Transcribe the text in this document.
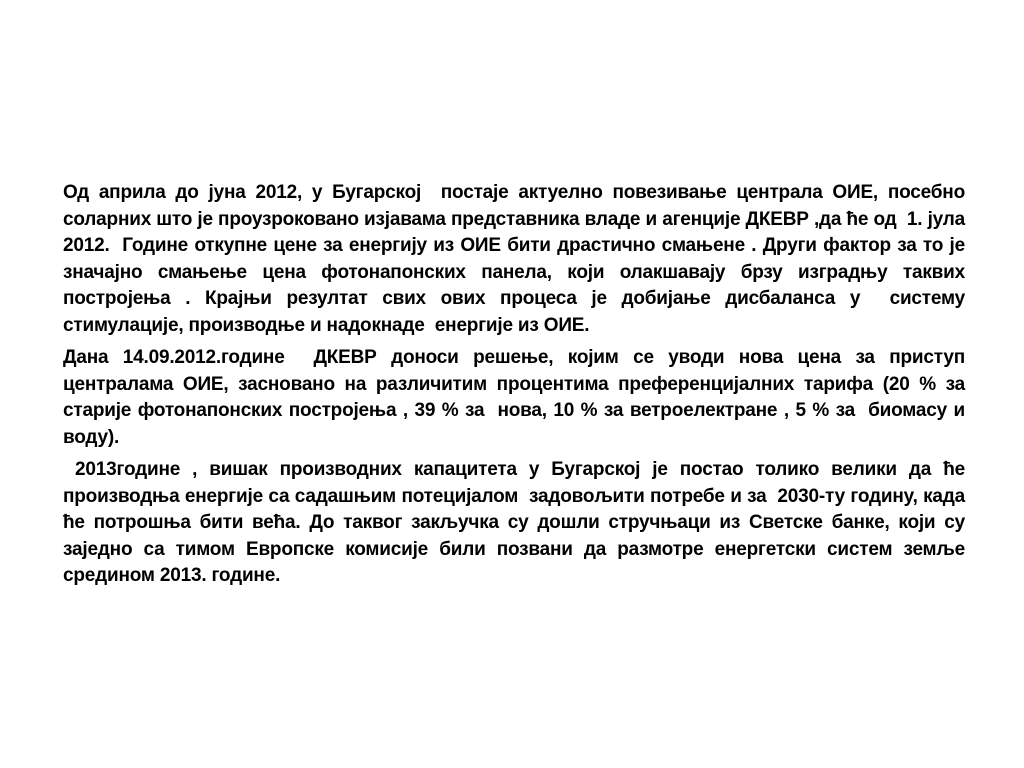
Од априла до јуна 2012, у Бугарској  постаје актуелно повезивање централа ОИЕ, посебно  соларних што је проузроковано изјавама представника владе и агенције ДКЕВР ,да ће од  1. јула 2012.  Године откупне цене за енергију из ОИЕ бити драстично смањене . Други фактор за то је значајно смањење цена фотонапонских панела, који олакшавају брзу изградњу таквих постројења . Крајњи резултат свих ових процеса је добијање дисбаланса у  систему  стимулације, производње и надокнаде  енергије из ОИЕ.

Дана 14.09.2012.године  ДКЕВР доноси решење, којим се уводи нова цена за приступ  централама ОИЕ, засновано на различитим процентима преференцијалних тарифа (20 % за старије фотонапонских постројења , 39 % за  нова, 10 % за ветроелектране , 5 % за  биомасу и воду).

2013године , вишак производних капацитета у Бугарској је постао толико велики да ће производња енергије са садашњим потецијалом  задовољити потребе и за  2030-ту годину, када ће потрошња бити већа. До таквог закључка су дошли стручњаци из Светске банке, који су заједно са тимом Европске комисије били позвани да размотре енергетски систем земље средином 2013. године.
